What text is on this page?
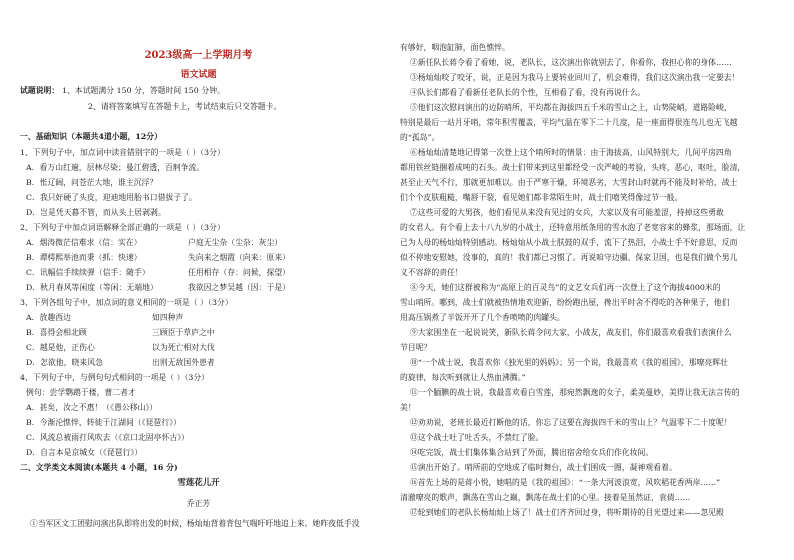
2023级高一上学期月考
语文试题
试题说明： 1、本试题满分 150 分，答题时间 150 分钟。
2、请将答案填写在答题卡上，考试结束后只交答题卡。
一、基础知识（本题共4道小题，12分）
1、下列句子中，加点词中读音错别字的一项是（ ）（3分）
A．看万山红遍，层林尽染；曼江碧透，百舸争流。
B．怅辽阔，问苍茫大地，谁主沉浮？
C．我只好硬了头皮，迎迪地用胎书口借拔子了。
D．岂是凭天暮不管，而从头上居剥剥。
2、下列句子中加点词语解释全部正确的一项是（ ）（3分）
A．烟涛微茫信难求（信：实在）	户庭无尘杂（尘杂：灰尘）
B．谭樗熙举池而秉（抓：快速）	失向来之烟霞（向来：原来）
C．讯幅信手续续弹（信手：随手）	任用相存（存：问候，探望）
D．秋月春风等闲度（等闲：无端地）	我欲因之梦吴越（因：于是）
3、下列各组句子中，加点词的意义相同的一项是（ ）（3分）
A．放趣西边	如四种声
B．喜得会相北顾	三顾臣于草庐之中
C．越是他，正伤心	以为死亡相对大伐
D．怎欲他，晓来风急	出则无敌国外患者
4、下列句子中，与例句句式相同的一项是（ ）（3分）
例句：尝学鹦鹉于楼，曹二者才
A．甚矣，汝之不惠！（《愚公移山》）
B．今渐沦憔悴，转徙于江湖间（《琵琶行》）
C．风流总被雨打风吹去（《京口北固亭怀古》）
D．自言本是京城女（《琵琶行》）
二、文学类文本阅读(本题共 4 小题，16 分)
雪莲花儿开
乔正芳
①当军区文工团慰问演出队即将出发的时候，杨灿灿背着背包气喘吁吁地追上来。她昨夜低手没
有够好，咽泡缸肺，面色憔悴。
②新任队长蒋令看了看她，说，老队长，这次演出你就别去了，你看你，我担心你的身体……
③杨灿灿咬了咬牙，说，正是因为我马上要转业回川了，机会难得，我们这次演出我一定要去！
④队长们都看了看新任老队长的个性，互相看了看，没有再说什么。
⑤他们这次慰问演出的边防哨所，平均都在海拔四五千米的雪山之上，山势陡峭，道路险峻，
特别是最后一站月牙哨，常年积雪覆盖，平均气温在零下二十几度，是一座面得很连鸟儿也无飞越
的“孤岛”。
⑥杨灿灿清楚地记得第一次登上这个哨所时的情景：由于海拔高，山风特别大，几间平房四角
都用铁丝链捆着成吨的石头。战士们带来到这里都经受一次严峻的考验，头疼，恶心，呕吐，脸清，
甚至止天气不行，那就更加难以。由于严寒干燥，环境恶劣，大雪封山时就再不能及时补给，战士
们个个皮肤粗糙，嘴唇干裂，看见她们都非常陌生时，战士们嘻笑得像过节一般。
⑦这些可爱的大男孩，他们看见从来没有见过的女兵，大家以及有可能羞涩，持掉这些勇敢
的女君人。有个看上去十八九岁的小战士，还特意用纸条用的雪水泡了老宽容来的蜂浆，那场面，让
已为人母的杨灿灿特别感动。杨灿灿从小战士肤鼓的双手，流下了热泪，小战士手不好意思，反而
似不停地安慰她，没事的，真的！我们都已习惯了。再说咱守边疆、保家卫国，也是我们做个男儿
义不容辞的责任！
⑧今天，她们这群被称为“高原上的百灵鸟”的文艺女兵们再一次登上了这个海拔4000米的
雪山哨所。哪到，战士们就被热情地欢迎新，纷纷跑出屋，搀出平时舍不得吃的各种果子，他们
用高压锅煮了半饭开开了几个香喷喷的肉罐头。
⑨大家围坐在一起说说笑，新队长蒋令问大家，小战友，战友们，你们最喜欢看我们表演什么
节目呢？
⑩“一个战士说，我喜欢你《独光里的妈妈》；另一个说，我最喜欢《我的祖国》，那嘹亮辉壮
的旋律，每次听到就让人热血沸腾。”
⑪一个腼腆的战士说，我最喜欢看白雪莲，那宛然飘逸的女子，柔美曼妙，美得让我无法言传的
美！
⑫劝劝说，老班长最近打断他的话，你忘了这要在海拔四千米的雪山上？气温零下二十度呢！
⑬这个战士吐了吐舌头，不禁红了脸。
⑭吃完饭，战士们集体集合站到了外面，腾出宿舍给女兵们作化妆间。
⑮演出开始了。哨所前的空地成了临时舞台，战士们围成一圈，凝神观看着。
⑯首先上场的是蒋小悦，她唱的是《我的祖国》：“一条大河波浪宽，风吹稻花香两岸……”
清澈嘹亮的歌声，飘荡在雪山之巅，飘荡在战士们的心里。接着是虽然证，袁倩……
⑰轮到她们的老队长杨灿灿上场了！战士们齐齐回过身，将听期待的目光望过来——忽见殿
